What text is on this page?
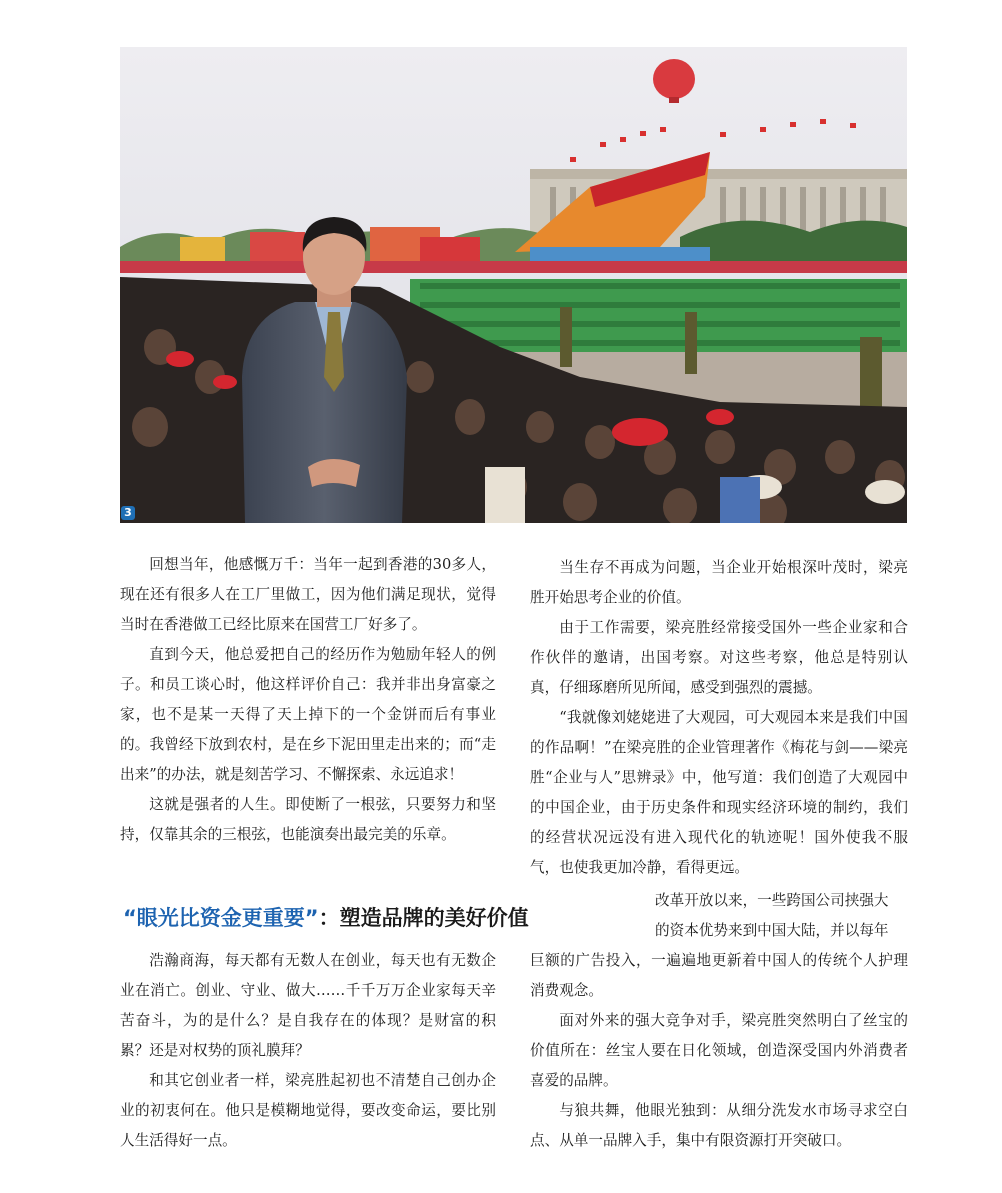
3

回想当年，他感慨万千：当年一起到香港的30多人，现在还有很多人在工厂里做工，因为他们满足现状，觉得当时在香港做工已经比原来在国营工厂好多了。

直到今天，他总爱把自己的经历作为勉励年轻人的例子。和员工谈心时，他这样评价自己：我并非出身富豪之家，也不是某一天得了天上掉下的一个金饼而后有事业的。我曾经下放到农村，是在乡下泥田里走出来的；而“走出来”的办法，就是刻苦学习、不懈探索、永远追求！

这就是强者的人生。即使断了一根弦，只要努力和坚持，仅靠其余的三根弦，也能演奏出最完美的乐章。

当生存不再成为问题，当企业开始根深叶茂时，梁亮胜开始思考企业的价值。

由于工作需要，梁亮胜经常接受国外一些企业家和合作伙伴的邀请，出国考察。对这些考察，他总是特别认真，仔细琢磨所见所闻，感受到强烈的震撼。

“我就像刘姥姥进了大观园，可大观园本来是我们中国的作品啊！”在梁亮胜的企业管理著作《梅花与剑——梁亮胜“企业与人”思辨录》中，他写道：我们创造了大观园中的中国企业，由于历史条件和现实经济环境的制约，我们的经营状况远没有进入现代化的轨迹呢！国外使我不服气，也使我更加冷静，看得更远。

“眼光比资金更重要”：塑造品牌的美好价值
改革开放以来，一些跨国公司挟强大
的资本优势来到中国大陆，并以每年

浩瀚商海，每天都有无数人在创业，每天也有无数企业在消亡。创业、守业、做大……千千万万企业家每天辛苦奋斗，为的是什么？是自我存在的体现？是财富的积累？还是对权势的顶礼膜拜？

和其它创业者一样，梁亮胜起初也不清楚自己创办企业的初衷何在。他只是模糊地觉得，要改变命运，要比别人生活得好一点。

巨额的广告投入，一遍遍地更新着中国人的传统个人护理消费观念。

面对外来的强大竞争对手，梁亮胜突然明白了丝宝的价值所在：丝宝人要在日化领域，创造深受国内外消费者喜爱的品牌。

与狼共舞，他眼光独到：从细分洗发水市场寻求空白点、从单一品牌入手，集中有限资源打开突破口。
